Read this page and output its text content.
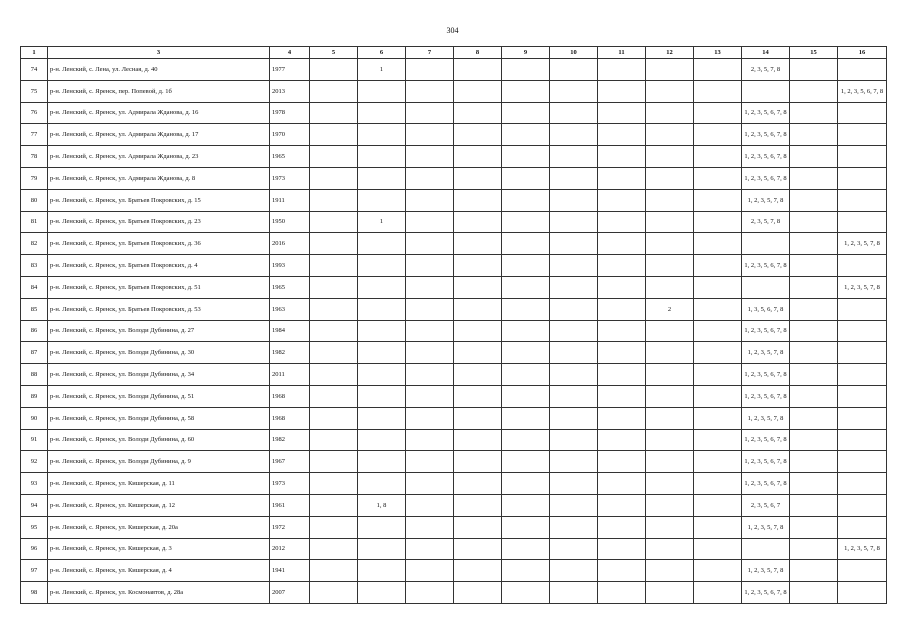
304
1	3	4	5	6	7	8	9	10	11	12	13	14	15	16
74	р-н. Ленский, с. Лена, ул. Лесная, д. 40	1977		1								2, 3, 5, 7, 8		
75	р-н. Ленский, с. Яренск, пер. Попевой, д. 1б	2013												1, 2, 3, 5, 6, 7, 8
76	р-н. Ленский, с. Яренск, ул. Адмирала Жданова, д. 16	1978										1, 2, 3, 5, 6, 7, 8		
77	р-н. Ленский, с. Яренск, ул. Адмирала Жданова, д. 17	1970										1, 2, 3, 5, 6, 7, 8		
78	р-н. Ленский, с. Яренск, ул. Адмирала Жданова, д. 23	1965										1, 2, 3, 5, 6, 7, 8		
79	р-н. Ленский, с. Яренск, ул. Адмирала Жданова, д. 8	1973										1, 2, 3, 5, 6, 7, 8		
80	р-н. Ленский, с. Яренск, ул. Братьев Покровских, д. 15	1911										1, 2, 3, 5, 7, 8		
81	р-н. Ленский, с. Яренск, ул. Братьев Покровских, д. 23	1950		1								2, 3, 5, 7, 8		
82	р-н. Ленский, с. Яренск, ул. Братьев Покровских, д. 36	2016												1, 2, 3, 5, 7, 8
83	р-н. Ленский, с. Яренск, ул. Братьев Покровских, д. 4	1993										1, 2, 3, 5, 6, 7, 8		
84	р-н. Ленский, с. Яренск, ул. Братьев Покровских, д. 51	1965												1, 2, 3, 5, 7, 8
85	р-н. Ленский, с. Яренск, ул. Братьев Покровских, д. 53	1963								2		1, 3, 5, 6, 7, 8		
86	р-н. Ленский, с. Яренск, ул. Володи Дубинина, д. 27	1984										1, 2, 3, 5, 6, 7, 8		
87	р-н. Ленский, с. Яренск, ул. Володи Дубинина, д. 30	1982										1, 2, 3, 5, 7, 8		
88	р-н. Ленский, с. Яренск, ул. Володи Дубинина, д. 34	2011										1, 2, 3, 5, 6, 7, 8		
89	р-н. Ленский, с. Яренск, ул. Володи Дубинина, д. 51	1968										1, 2, 3, 5, 6, 7, 8		
90	р-н. Ленский, с. Яренск, ул. Володи Дубинина, д. 58	1968										1, 2, 3, 5, 7, 8		
91	р-н. Ленский, с. Яренск, ул. Володи Дубинина, д. 60	1982										1, 2, 3, 5, 6, 7, 8		
92	р-н. Ленский, с. Яренск, ул. Володи Дубинина, д. 9	1967										1, 2, 3, 5, 6, 7, 8		
93	р-н. Ленский, с. Яренск, ул. Кишерская, д. 11	1973										1, 2, 3, 5, 6, 7, 8		
94	р-н. Ленский, с. Яренск, ул. Кишерская, д. 12	1961		1, 8								2, 3, 5, 6, 7		
95	р-н. Ленский, с. Яренск, ул. Кишерская, д. 20а	1972										1, 2, 3, 5, 7, 8		
96	р-н. Ленский, с. Яренск, ул. Кишерская, д. 3	2012												1, 2, 3, 5, 7, 8
97	р-н. Ленский, с. Яренск, ул. Кишерская, д. 4	1941										1, 2, 3, 5, 7, 8		
98	р-н. Ленский, с. Яренск, ул. Космонавтов, д. 28а	2007										1, 2, 3, 5, 6, 7, 8		
